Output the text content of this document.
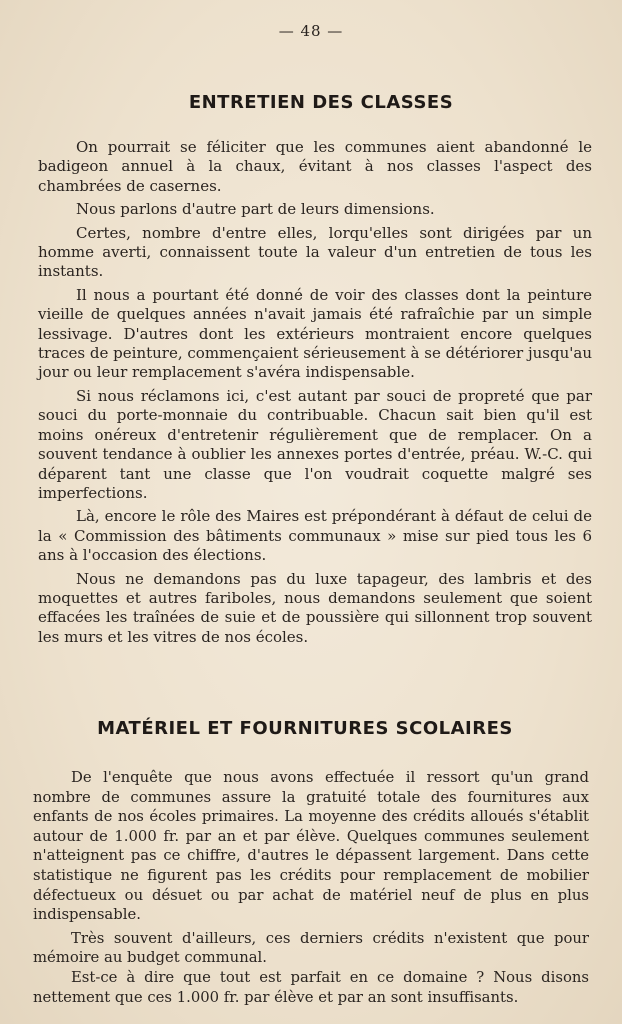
— 48 —
ENTRETIEN DES CLASSES

On pourrait se féliciter que les communes aient abandonné le badigeon annuel à la chaux, évitant à nos classes l'aspect des chambrées de casernes.

Nous parlons d'autre part de leurs dimensions.

Certes, nombre d'entre elles, lorqu'elles sont dirigées par un homme averti, connaissent toute la valeur d'un entretien de tous les instants.

Il nous a pourtant été donné de voir des classes dont la peinture vieille de quelques années n'avait jamais été rafraîchie par un simple lessivage. D'autres dont les extérieurs montraient encore quelques traces de peinture, commençaient sérieusement à se détériorer jusqu'au jour ou leur remplacement s'avéra indispensable.

Si nous réclamons ici, c'est autant par souci de propreté que par souci du porte-monnaie du contribuable. Chacun sait bien qu'il est moins onéreux d'entretenir régulièrement que de remplacer. On a souvent tendance à oublier les annexes portes d'entrée, préau. W.-C. qui déparent tant une classe que l'on voudrait coquette malgré ses imperfections.

Là, encore le rôle des Maires est prépondérant à défaut de celui de la « Commission des bâtiments communaux » mise sur pied tous les 6 ans à l'occasion des élections.

Nous ne demandons pas du luxe tapageur, des lambris et des moquettes et autres fariboles, nous demandons seulement que soient effacées les traînées de suie et de poussière qui sillonnent trop souvent les murs et les vitres de nos écoles.

MATÉRIEL ET FOURNITURES SCOLAIRES

De l'enquête que nous avons effectuée il ressort qu'un grand nombre de communes assure la gratuité totale des fournitures aux enfants de nos écoles primaires. La moyenne des crédits alloués s'établit autour de 1.000 fr. par an et par élève. Quelques communes seulement n'atteignent pas ce chiffre, d'autres le dépassent largement. Dans cette statistique ne figurent pas les crédits pour remplacement de mobilier défectueux ou désuet ou par achat de matériel neuf de plus en plus indispensable.

Très souvent d'ailleurs, ces derniers crédits n'existent que pour mémoire au budget communal.

Est-ce à dire que tout est parfait en ce domaine ? Nous disons nettement que ces 1.000 fr. par élève et par an sont insuffisants.
